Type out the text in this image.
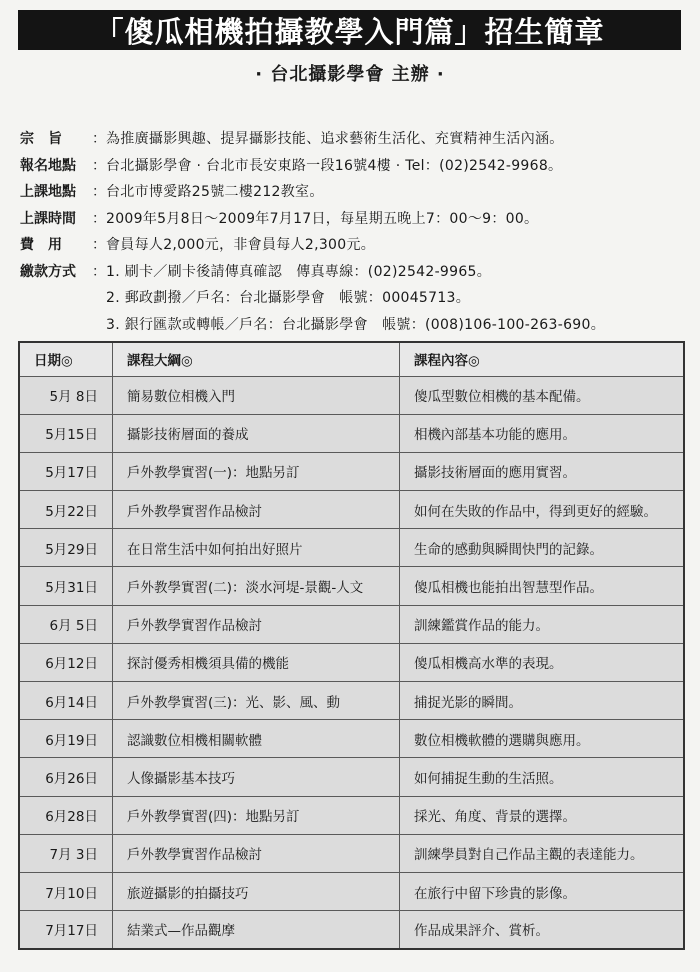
「傻瓜相機拍攝教學入門篇」招生簡章
· 台北攝影學會 主辦 ·
宗　旨	： 為推廣攝影興趣、提昇攝影技能、追求藝術生活化、充實精神生活內涵。
報名地點	： 台北攝影學會 · 台北市長安東路一段16號4樓 · Tel：(02)2542-9968。
上課地點	： 台北市博愛路25號二樓212教室。
上課時間	： 2009年5月8日～2009年7月17日，每星期五晚上7：00～9：00。
費　用	： 會員每人2,000元，非會員每人2,300元。
繳款方式	： 1. 刷卡／刷卡後請傳真確認　傳真專線：(02)2542-9965。
2. 郵政劃撥／戶名：台北攝影學會　帳號：00045713。
3. 銀行匯款或轉帳／戶名：台北攝影學會　帳號：(008)106-100-263-690。
日期◎	課程大綱◎	課程內容◎
5月 8日	簡易數位相機入門	傻瓜型數位相機的基本配備。
5月15日	攝影技術層面的養成	相機內部基本功能的應用。
5月17日	戶外教學實習(一)：地點另訂	攝影技術層面的應用實習。
5月22日	戶外教學實習作品檢討	如何在失敗的作品中，得到更好的經驗。
5月29日	在日常生活中如何拍出好照片	生命的感動與瞬間快門的記錄。
5月31日	戶外教學實習(二)：淡水河堤-景觀-人文	傻瓜相機也能拍出智慧型作品。
6月 5日	戶外教學實習作品檢討	訓練鑑賞作品的能力。
6月12日	探討優秀相機須具備的機能	傻瓜相機高水準的表現。
6月14日	戶外教學實習(三)：光、影、風、動	捕捉光影的瞬間。
6月19日	認識數位相機相關軟體	數位相機軟體的選購與應用。
6月26日	人像攝影基本技巧	如何捕捉生動的生活照。
6月28日	戶外教學實習(四)：地點另訂	採光、角度、背景的選擇。
7月 3日	戶外教學實習作品檢討	訓練學員對自己作品主觀的表達能力。
7月10日	旅遊攝影的拍攝技巧	在旅行中留下珍貴的影像。
7月17日	結業式—作品觀摩	作品成果評介、賞析。
